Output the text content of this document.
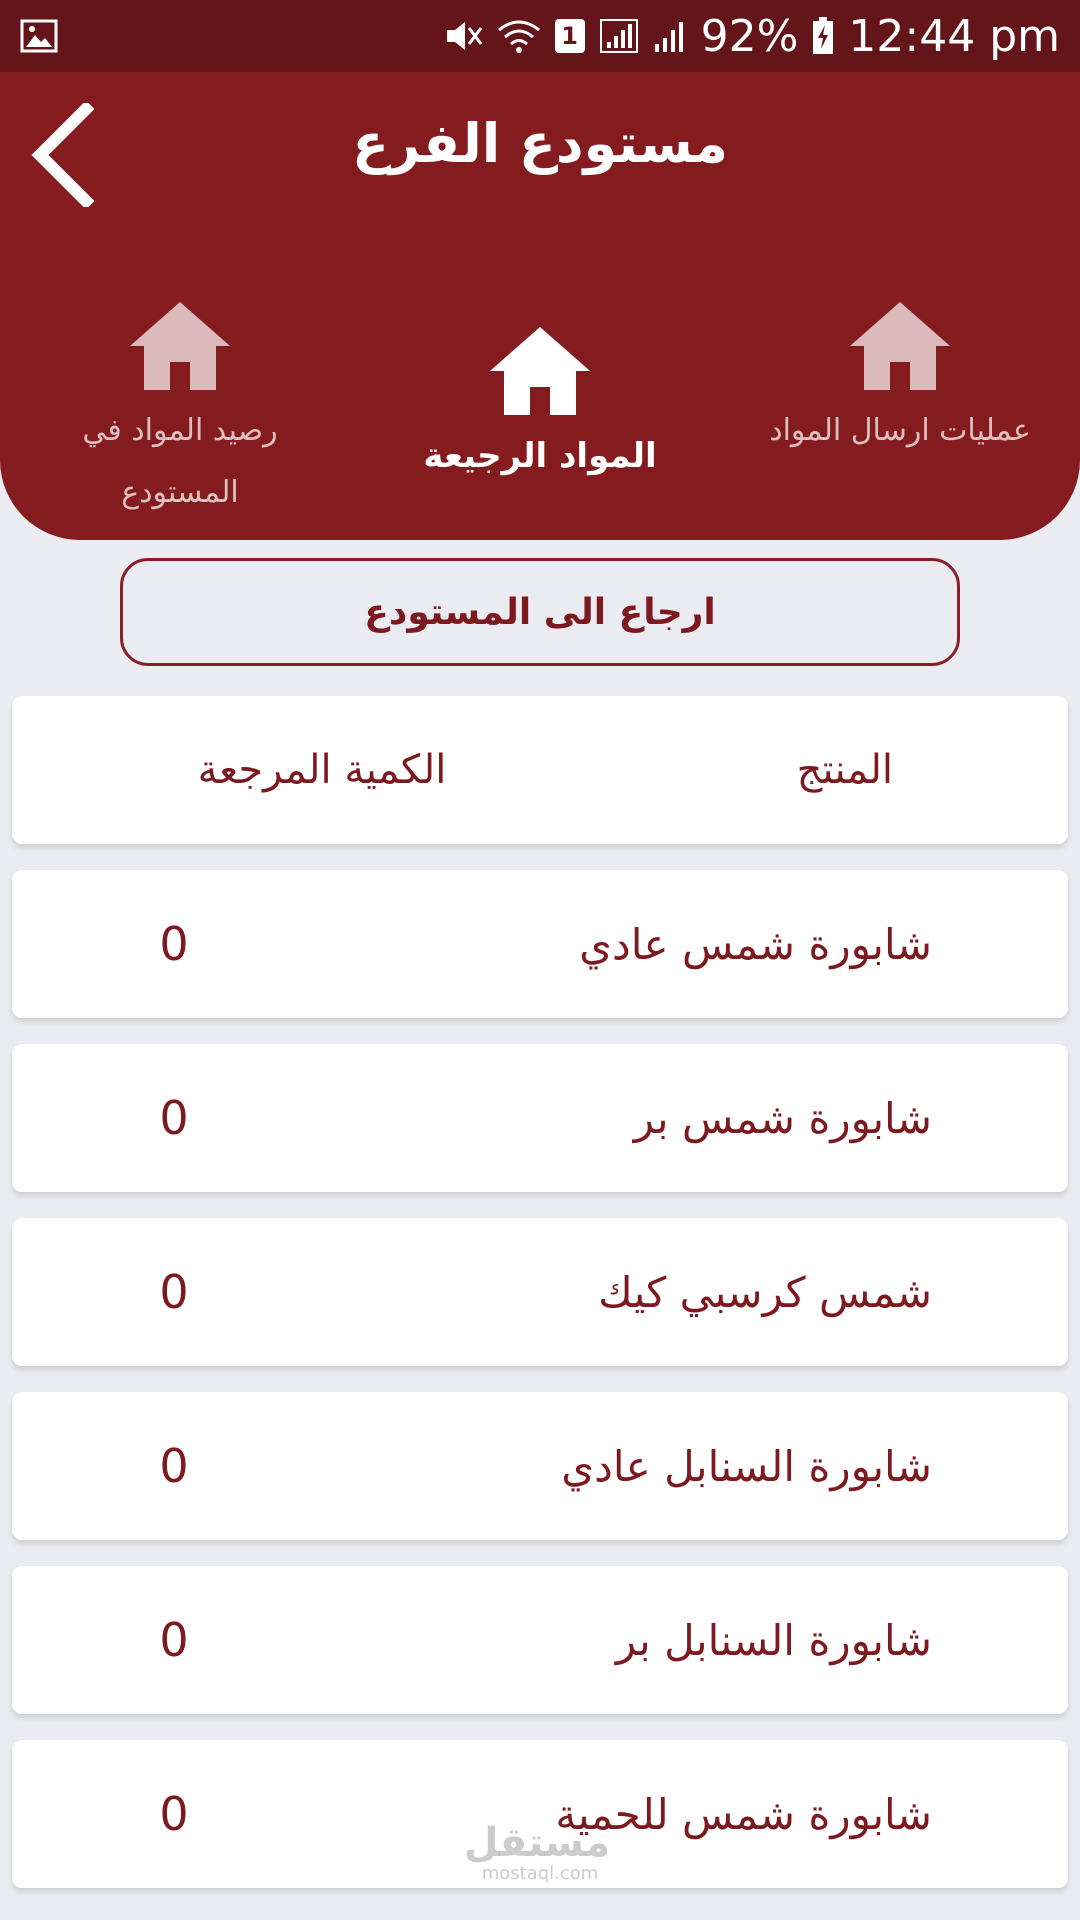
1	92% 12:44 pm
مستودع الفرع
عمليات ارسال المواد
المواد الرجيعة
رصيد المواد في المستودع
ارجاع الى المستودع
المنتج
الكمية المرجعة
شابورة شمس عادي
0
شابورة شمس بر
0
شمس كرسبي كيك
0
شابورة السنابل عادي
0
شابورة السنابل بر
0
شابورة شمس للحمية
0
مستقل
mostaql.com
